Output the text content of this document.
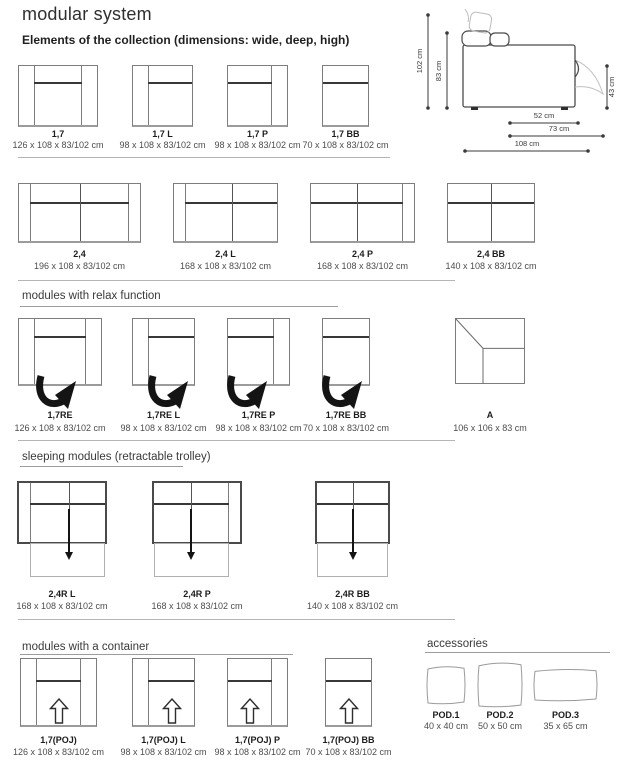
modular system
Elements of the collection (dimensions: wide, deep, high)
102 cm 83 cm
43 cm
52 cm
73 cm
108 cm
1,7
126 x 108 x 83/102 cm
1,7 L
98 x 108 x 83/102 cm
1,7 P
98 x 108 x 83/102 cm
1,7 BB
70 x 108 x 83/102 cm
2,4
196 x 108 x 83/102 cm
2,4 L
168 x 108 x 83/102 cm
2,4 P
168 x 108 x 83/102 cm
2,4 BB
140 x 108 x 83/102 cm
modules with relax function
1,7RE
126 x 108 x 83/102 cm
1,7RE L
98 x 108 x 83/102 cm
1,7RE P
98 x 108 x 83/102 cm
1,7RE BB
70 x 108 x 83/102 cm
A
106 x 106 x 83 cm
sleeping modules (retractable trolley)
2,4R L
168 x 108 x 83/102 cm
2,4R P
168 x 108 x 83/102 cm
2,4R BB
140 x 108 x 83/102 cm
modules with a container
1,7(POJ)
126 x 108 x 83/102 cm
1,7(POJ) L
98 x 108 x 83/102 cm
1,7(POJ) P
98 x 108 x 83/102 cm
1,7(POJ) BB
70 x 108 x 83/102 cm
accessories
POD.1
40 x 40 cm
POD.2
50 x 50 cm
POD.3
35 x 65 cm
